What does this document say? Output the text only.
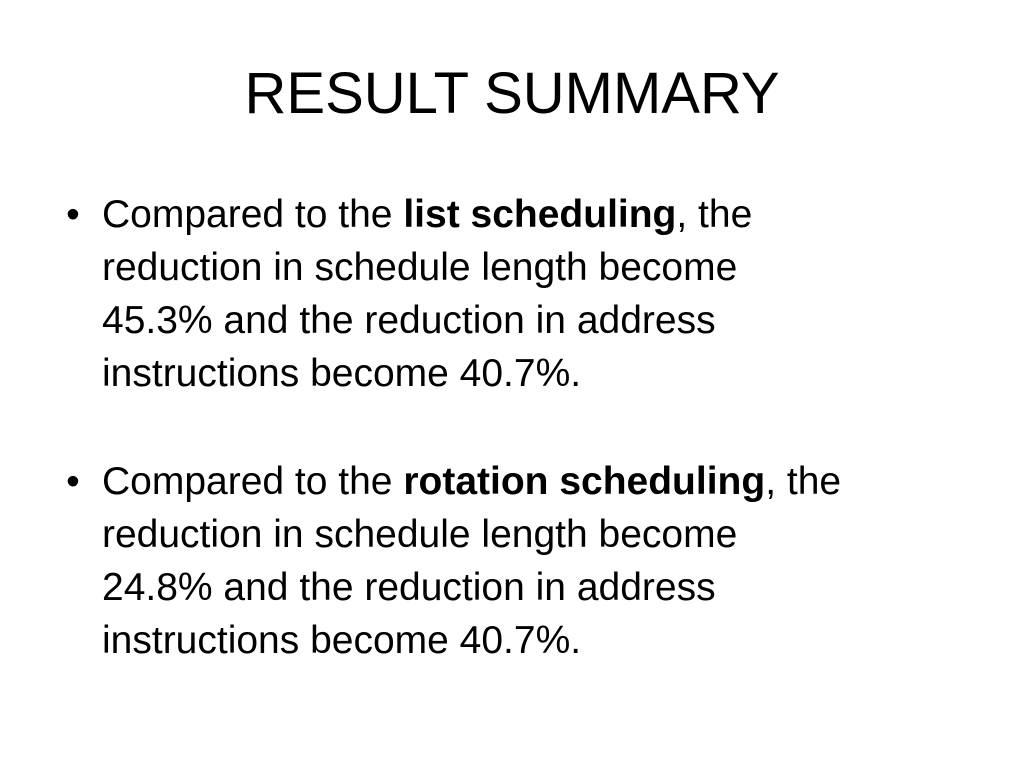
RESULT SUMMARY
• Compared to the list scheduling, the
reduction in schedule length become
45.3% and the reduction in address
instructions become 40.7%.
• Compared to the rotation scheduling, the
reduction in schedule length become
24.8% and the reduction in address
instructions become 40.7%.
